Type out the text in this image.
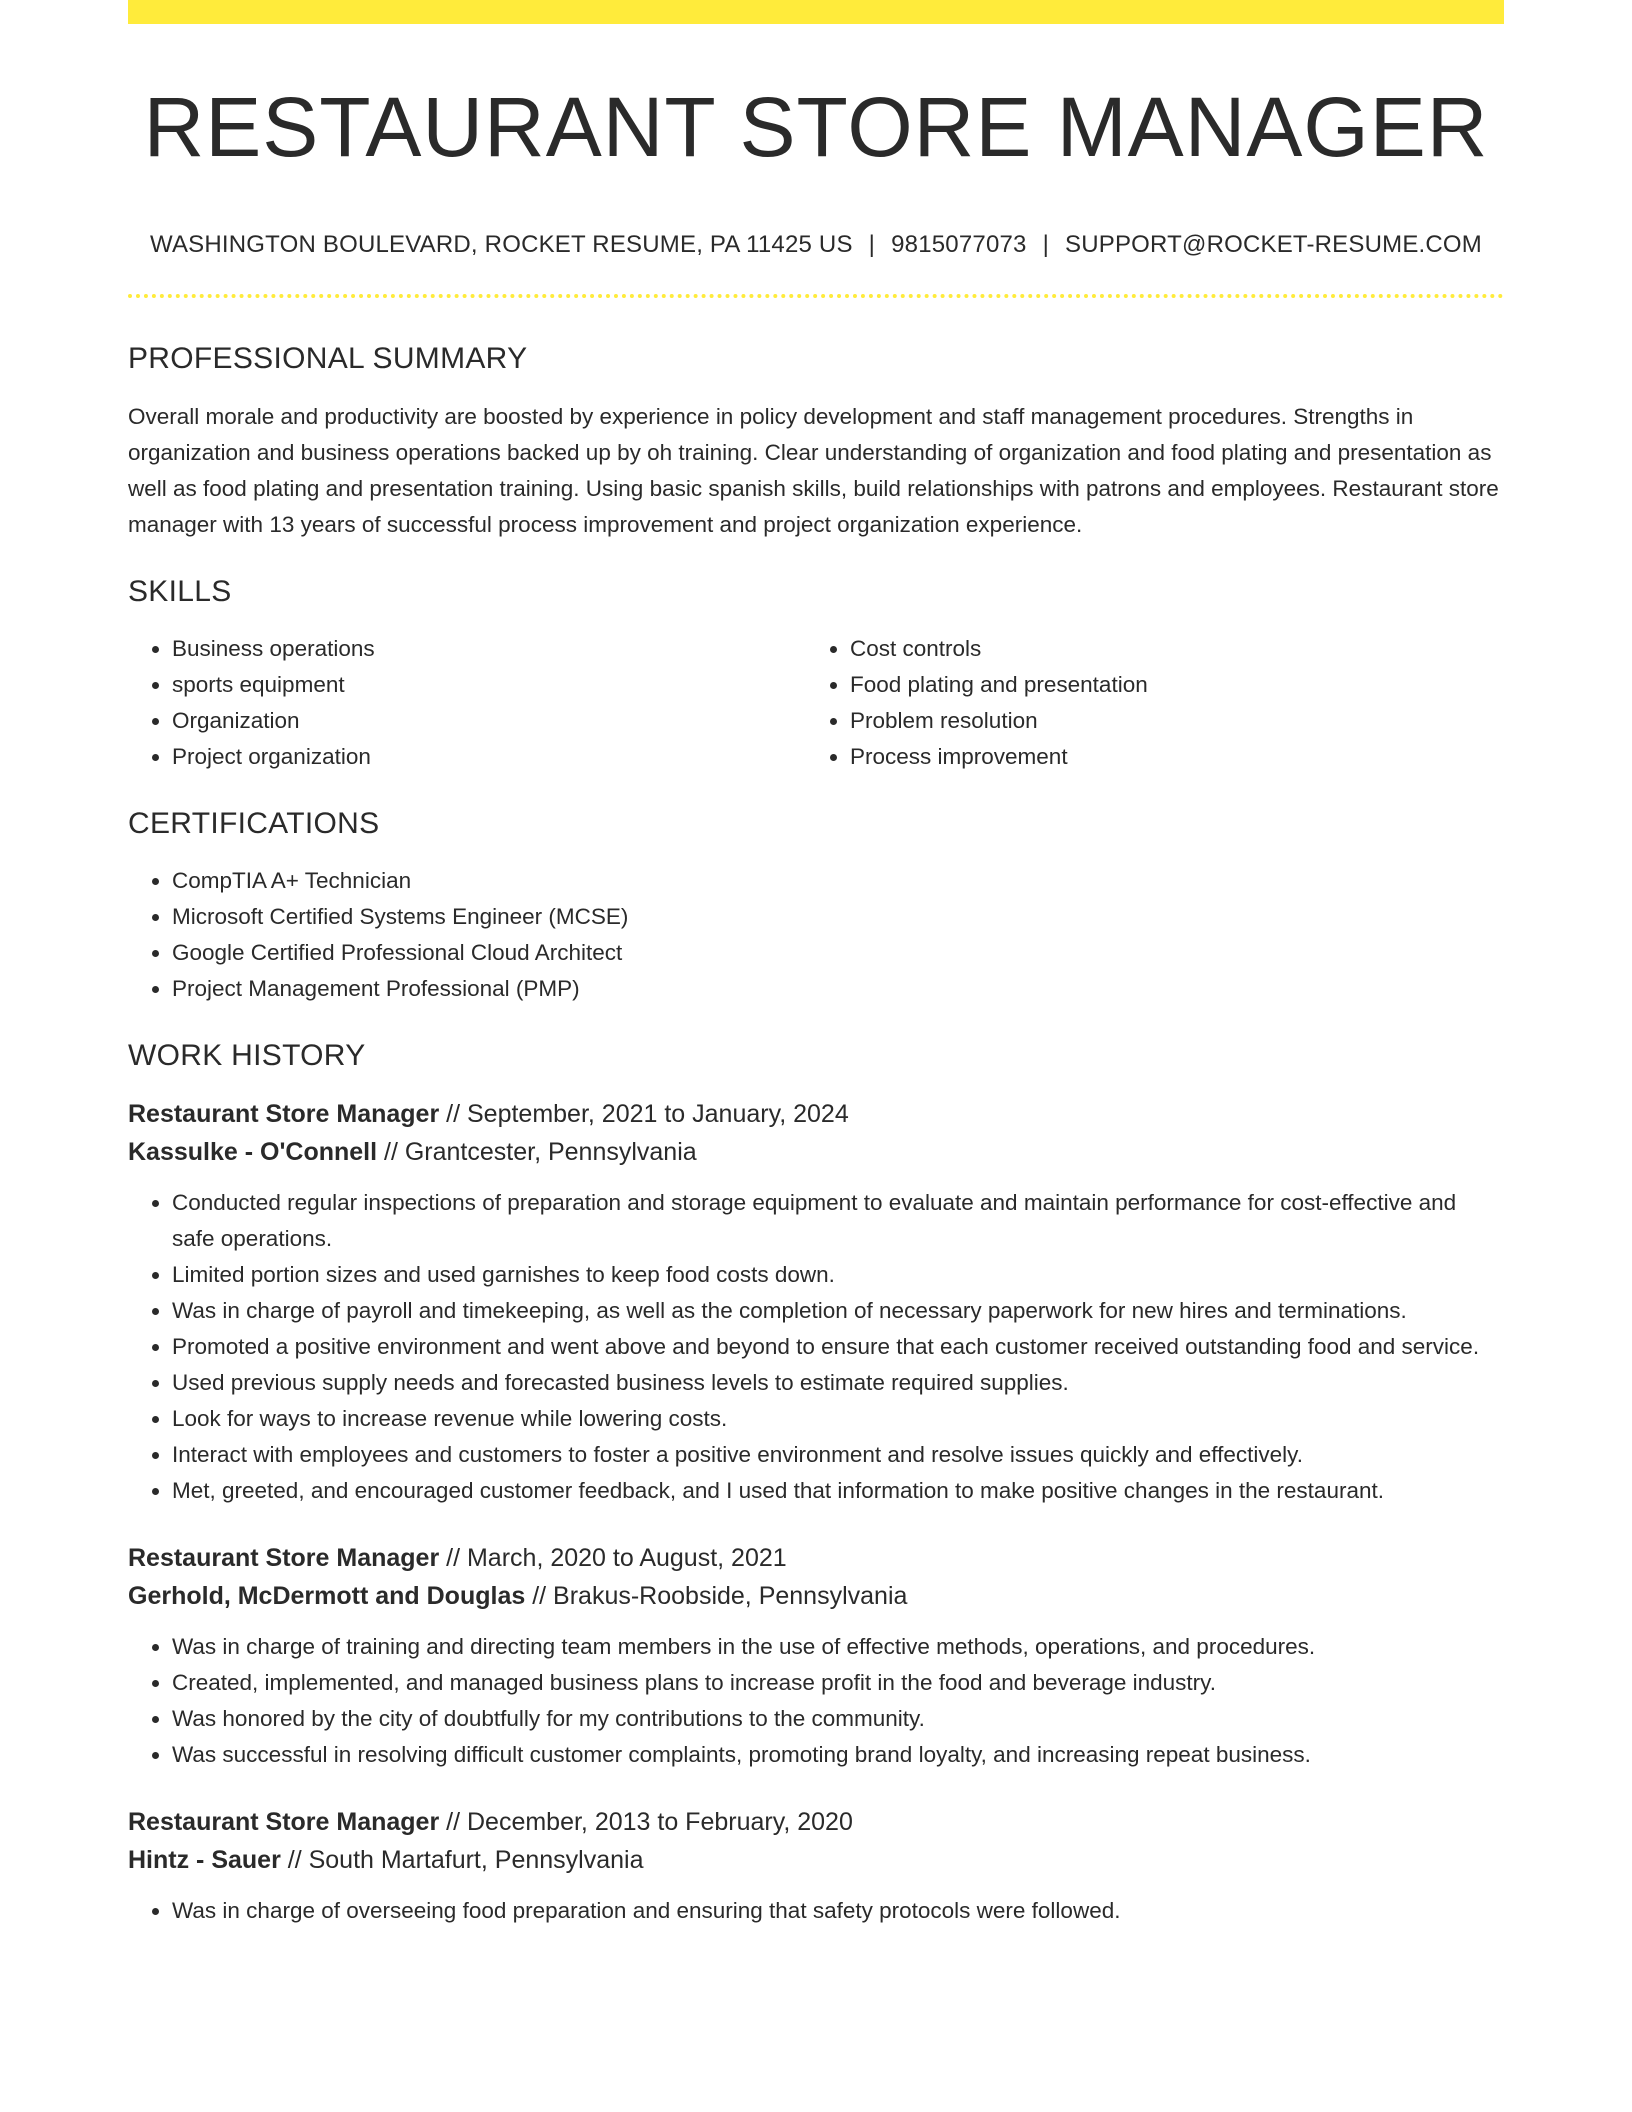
RESTAURANT STORE MANAGER
WASHINGTON BOULEVARD, ROCKET RESUME, PA 11425 US | 9815077073 | SUPPORT@ROCKET-RESUME.COM
PROFESSIONAL SUMMARY
Overall morale and productivity are boosted by experience in policy development and staff management procedures. Strengths in organization and business operations backed up by oh training. Clear understanding of organization and food plating and presentation as well as food plating and presentation training. Using basic spanish skills, build relationships with patrons and employees. Restaurant store manager with 13 years of successful process improvement and project organization experience.
SKILLS
• Business operations
• sports equipment
• Organization
• Project organization
• Cost controls
• Food plating and presentation
• Problem resolution
• Process improvement
CERTIFICATIONS
• CompTIA A+ Technician
• Microsoft Certified Systems Engineer (MCSE)
• Google Certified Professional Cloud Architect
• Project Management Professional (PMP)
WORK HISTORY
Restaurant Store Manager // September, 2021 to January, 2024
Kassulke - O'Connell // Grantcester, Pennsylvania
• Conducted regular inspections of preparation and storage equipment to evaluate and maintain performance for cost-effective and safe operations.
• Limited portion sizes and used garnishes to keep food costs down.
• Was in charge of payroll and timekeeping, as well as the completion of necessary paperwork for new hires and terminations.
• Promoted a positive environment and went above and beyond to ensure that each customer received outstanding food and service.
• Used previous supply needs and forecasted business levels to estimate required supplies.
• Look for ways to increase revenue while lowering costs.
• Interact with employees and customers to foster a positive environment and resolve issues quickly and effectively.
• Met, greeted, and encouraged customer feedback, and I used that information to make positive changes in the restaurant.
Restaurant Store Manager // March, 2020 to August, 2021
Gerhold, McDermott and Douglas // Brakus-Roobside, Pennsylvania
• Was in charge of training and directing team members in the use of effective methods, operations, and procedures.
• Created, implemented, and managed business plans to increase profit in the food and beverage industry.
• Was honored by the city of doubtfully for my contributions to the community.
• Was successful in resolving difficult customer complaints, promoting brand loyalty, and increasing repeat business.
Restaurant Store Manager // December, 2013 to February, 2020
Hintz - Sauer // South Martafurt, Pennsylvania
• Was in charge of overseeing food preparation and ensuring that safety protocols were followed.
